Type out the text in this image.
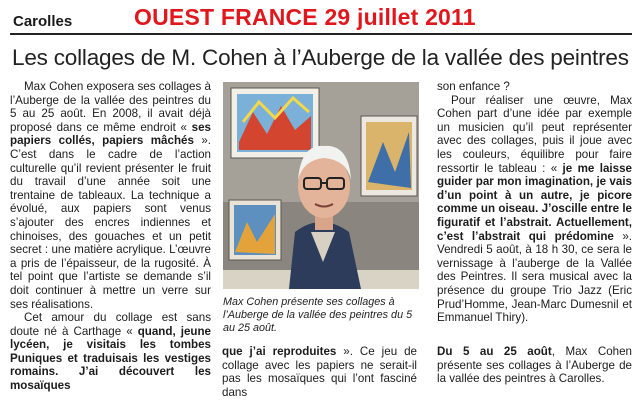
Carolles	OUEST FRANCE 29 juillet 2011
Les collages de M. Cohen à l’Auberge de la vallée des peintres

Max Cohen exposera ses collages à l’Auberge de la vallée des peintres du 5 au 25 août. En 2008, il avait déjà proposé dans ce même endroit « ses papiers collés, papiers mâchés ». C’est dans le cadre de l’action culturelle qu’il revient présenter le fruit du travail d’une année soit une trentaine de tableaux. La technique a évolué, aux papiers sont venus s’ajouter des encres indiennes et chinoises, des gouaches et un petit secret : une matière acrylique. L’œuvre a pris de l’épaisseur, de la rugosité. À tel point que l’artiste se demande s’il doit continuer à mettre un verre sur ses réalisations.

Cet amour du collage est sans doute né à Carthage « quand, jeune lycéen, je visitais les tombes Puniques et traduisais les vestiges romains. J’ai découvert les mosaïques

Max Cohen présente ses collages à l’Auberge de la vallée des peintres du 5 au 25 août.

que j’ai reproduites ». Ce jeu de collage avec les papiers ne serait-il pas les mosaïques qui l’ont fasciné dans

son enfance ?

Pour réaliser une œuvre, Max Cohen part d’une idée par exemple un musicien qu’il peut représenter avec des collages, puis il joue avec les couleurs, équilibre pour faire ressortir le tableau : « je me laisse guider par mon imagination, je vais d’un point à un autre, je picore comme un oiseau. J’oscille entre le figuratif et l’abstrait. Actuellement, c’est l’abstrait qui prédomine ». Vendredi 5 août, à 18 h 30, ce sera le vernissage à l’auberge de la Vallée des Peintres. Il sera musical avec la présence du groupe Trio Jazz (Eric Prud’Homme, Jean-Marc Dumesnil et Emmanuel Thiry).

Du 5 au 25 août, Max Cohen présente ses collages à l’Auberge de la vallée des peintres à Carolles.
